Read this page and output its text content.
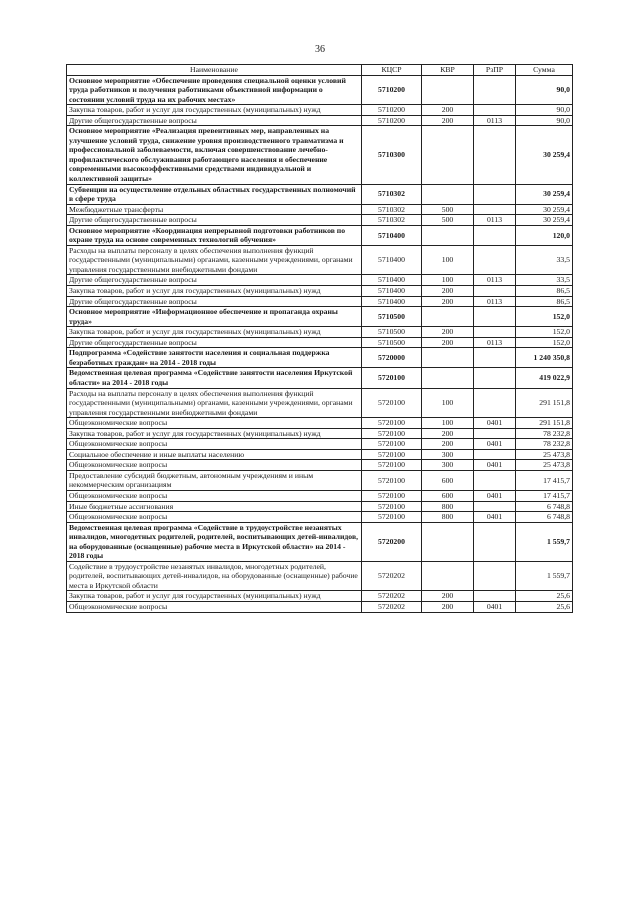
36
Наименование	КЦСР	КВР	РзПР	Сумма
Основное мероприятие «Обеспечение проведения специальной оценки условий труда работников и получения работниками объективной информации о состоянии условий труда на их рабочих местах»	5710200			90,0
Закупка товаров, работ и услуг для государственных (муниципальных) нужд	5710200	200		90,0
Другие общегосударственные вопросы	5710200	200	0113	90,0
Основное мероприятие «Реализация превентивных мер, направленных на улучшение условий труда, снижение уровня производственного травматизма и профессиональной заболеваемости, включая совершенствование лечебно-профилактического обслуживания работающего населения и обеспечение современными высокоэффективными средствами индивидуальной и коллективной защиты»	5710300			30 259,4
Субвенции на осуществление отдельных областных государственных полномочий в сфере труда	5710302			30 259,4
Межбюджетные трансферты	5710302	500		30 259,4
Другие общегосударственные вопросы	5710302	500	0113	30 259,4
Основное мероприятие «Координация непрерывной подготовки работников по охране труда на основе современных технологий обучения»	5710400			120,0
Расходы на выплаты персоналу в целях обеспечения выполнения функций государственными (муниципальными) органами, казенными учреждениями, органами управления государственными внебюджетными фондами	5710400	100		33,5
Другие общегосударственные вопросы	5710400	100	0113	33,5
Закупка товаров, работ и услуг для государственных (муниципальных) нужд	5710400	200		86,5
Другие общегосударственные вопросы	5710400	200	0113	86,5
Основное мероприятие «Информационное обеспечение и пропаганда охраны труда»	5710500			152,0
Закупка товаров, работ и услуг для государственных (муниципальных) нужд	5710500	200		152,0
Другие общегосударственные вопросы	5710500	200	0113	152,0
Подпрограмма «Содействие занятости населения и социальная поддержка безработных граждан» на 2014 - 2018 годы	5720000			1 240 350,8
Ведомственная целевая программа «Содействие занятости населения Иркутской области» на 2014 - 2018 годы	5720100			419 022,9
Расходы на выплаты персоналу в целях обеспечения выполнения функций государственными (муниципальными) органами, казенными учреждениями, органами управления государственными внебюджетными фондами	5720100	100		291 151,8
Общеэкономические вопросы	5720100	100	0401	291 151,8
Закупка товаров, работ и услуг для государственных (муниципальных) нужд	5720100	200		78 232,8
Общеэкономические вопросы	5720100	200	0401	78 232,8
Социальное обеспечение и иные выплаты населению	5720100	300		25 473,8
Общеэкономические вопросы	5720100	300	0401	25 473,8
Предоставление субсидий бюджетным, автономным учреждениям и иным некоммерческим организациям	5720100	600		17 415,7
Общеэкономические вопросы	5720100	600	0401	17 415,7
Иные бюджетные ассигнования	5720100	800		6 748,8
Общеэкономические вопросы	5720100	800	0401	6 748,8
Ведомственная целевая программа «Содействие в трудоустройстве незанятых инвалидов, многодетных родителей, родителей, воспитывающих детей-инвалидов, на оборудованные (оснащенные) рабочие места в Иркутской области» на 2014 - 2018 годы	5720200			1 559,7
Содействие в трудоустройстве незанятых инвалидов, многодетных родителей, родителей, воспитывающих детей-инвалидов, на оборудованные (оснащенные) рабочие места в Иркутской области	5720202			1 559,7
Закупка товаров, работ и услуг для государственных (муниципальных) нужд	5720202	200		25,6
Общеэкономические вопросы	5720202	200	0401	25,6
